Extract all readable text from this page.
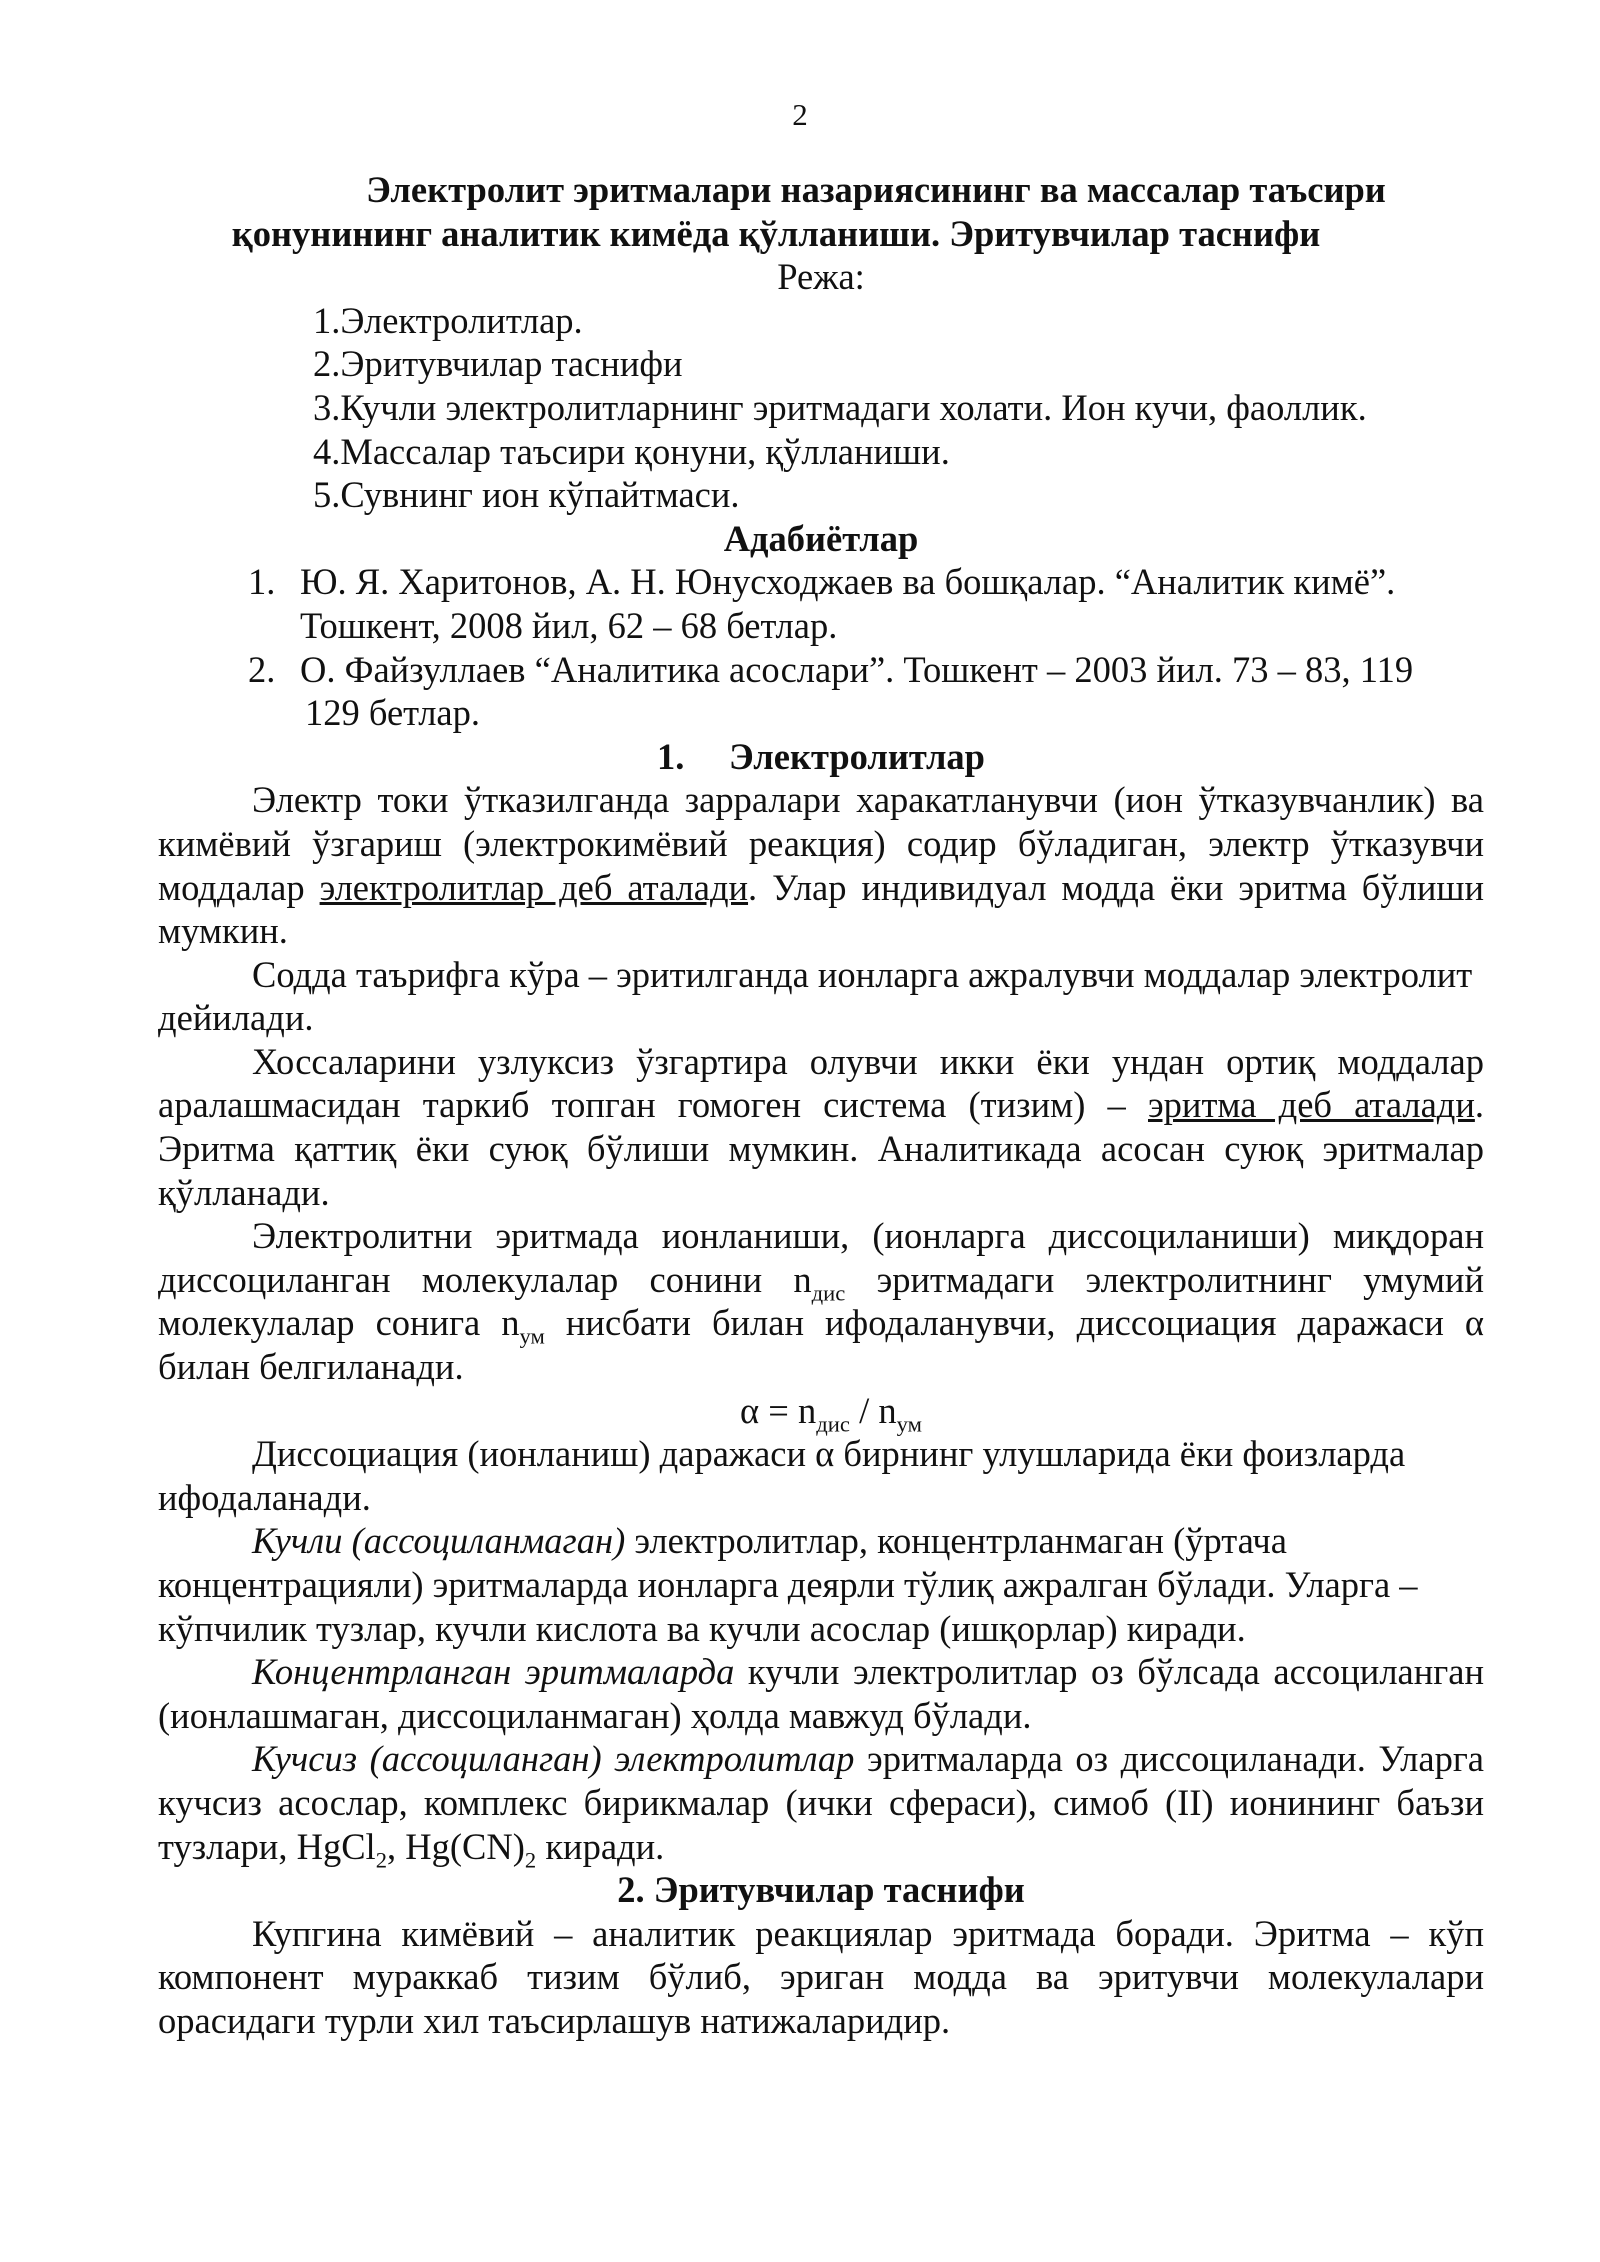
2
Электролит эритмалари назариясининг ва массалар таъсири
қонунининг аналитик кимёда қўлланиши. Эритувчилар таснифи
Режа:
1.Электролитлар.
2.Эритувчилар таснифи
3.Кучли электролитларнинг эритмадаги холати. Ион кучи, фаоллик.
4.Массалар таъсири қонуни, қўлланиши.
5.Сувнинг ион кўпайтмаси.
Адабиётлар
1. Ю. Я. Харитонов, А. Н. Юнусходжаев ва бошқалар. “Аналитик кимё”.
Тошкент, 2008 йил, 62 – 68 бетлар.
2. О. Файзуллаев “Аналитика асослари”. Тошкент – 2003 йил. 73 – 83, 119
129 бетлар.
1. Электролитлар

Электр токи ўтказилганда зарралари харакатланувчи (ион ўтказувчанлик) ва кимёвий ўзгариш (электрокимёвий реакция) содир бўладиган, электр ўтказувчи моддалар электролитлар деб аталади. Улар индивидуал модда ёки эритма бўлиши мумкин.

Содда таърифга кўра – эритилганда ионларга ажралувчи моддалар электролит дейилади.

Хоссаларини узлуксиз ўзгартира олувчи икки ёки ундан ортиқ моддалар аралашмасидан таркиб топган гомоген система (тизим) – эритма деб аталади. Эритма қаттиқ ёки суюқ бўлиши мумкин. Аналитикада асосан суюқ эритмалар қўлланади.

Электролитни эритмада ионланиши, (ионларга диссоциланиши) миқдоран диссоциланган молекулалар сонини $n_{дис}$ эритмадаги электролитнинг умумий молекулалар сонига $n_{ум}$ нисбати билан ифодаланувчи, диссоциация даражаси α билан белгиланади.

$\alpha = n_{дис} / n_{ум}$

Диссоциация (ионланиш) даражаси α бирнинг улушларида ёки фоизларда ифодаланади.

Кучли (ассоциланмаган) электролитлар, концентрланмаган (ўртача концентрацияли) эритмаларда ионларга деярли тўлиқ ажралган бўлади. Уларга – кўпчилик тузлар, кучли кислота ва кучли асослар (ишқорлар) киради.

Концентрланган эритмаларда кучли электролитлар оз бўлсада ассоциланган (ионлашмаган, диссоциланмаган) ҳолда мавжуд бўлади.

Кучсиз (ассоциланган) электролитлар эритмаларда оз диссоциланади. Уларга кучсиз асослар, комплекс бирикмалар (ички сфераси), симоб (II) ионининг баъзи тузлари, HgCl$_2$, $Hg(CN)_2$ киради.

2. Эритувчилар таснифи

Купгина кимёвий – аналитик реакциялар эритмада боради. Эритма – кўп компонент мураккаб тизим бўлиб, эриган модда ва эритувчи молекулалари орасидаги турли хил таъсирлашув натижаларидир.
